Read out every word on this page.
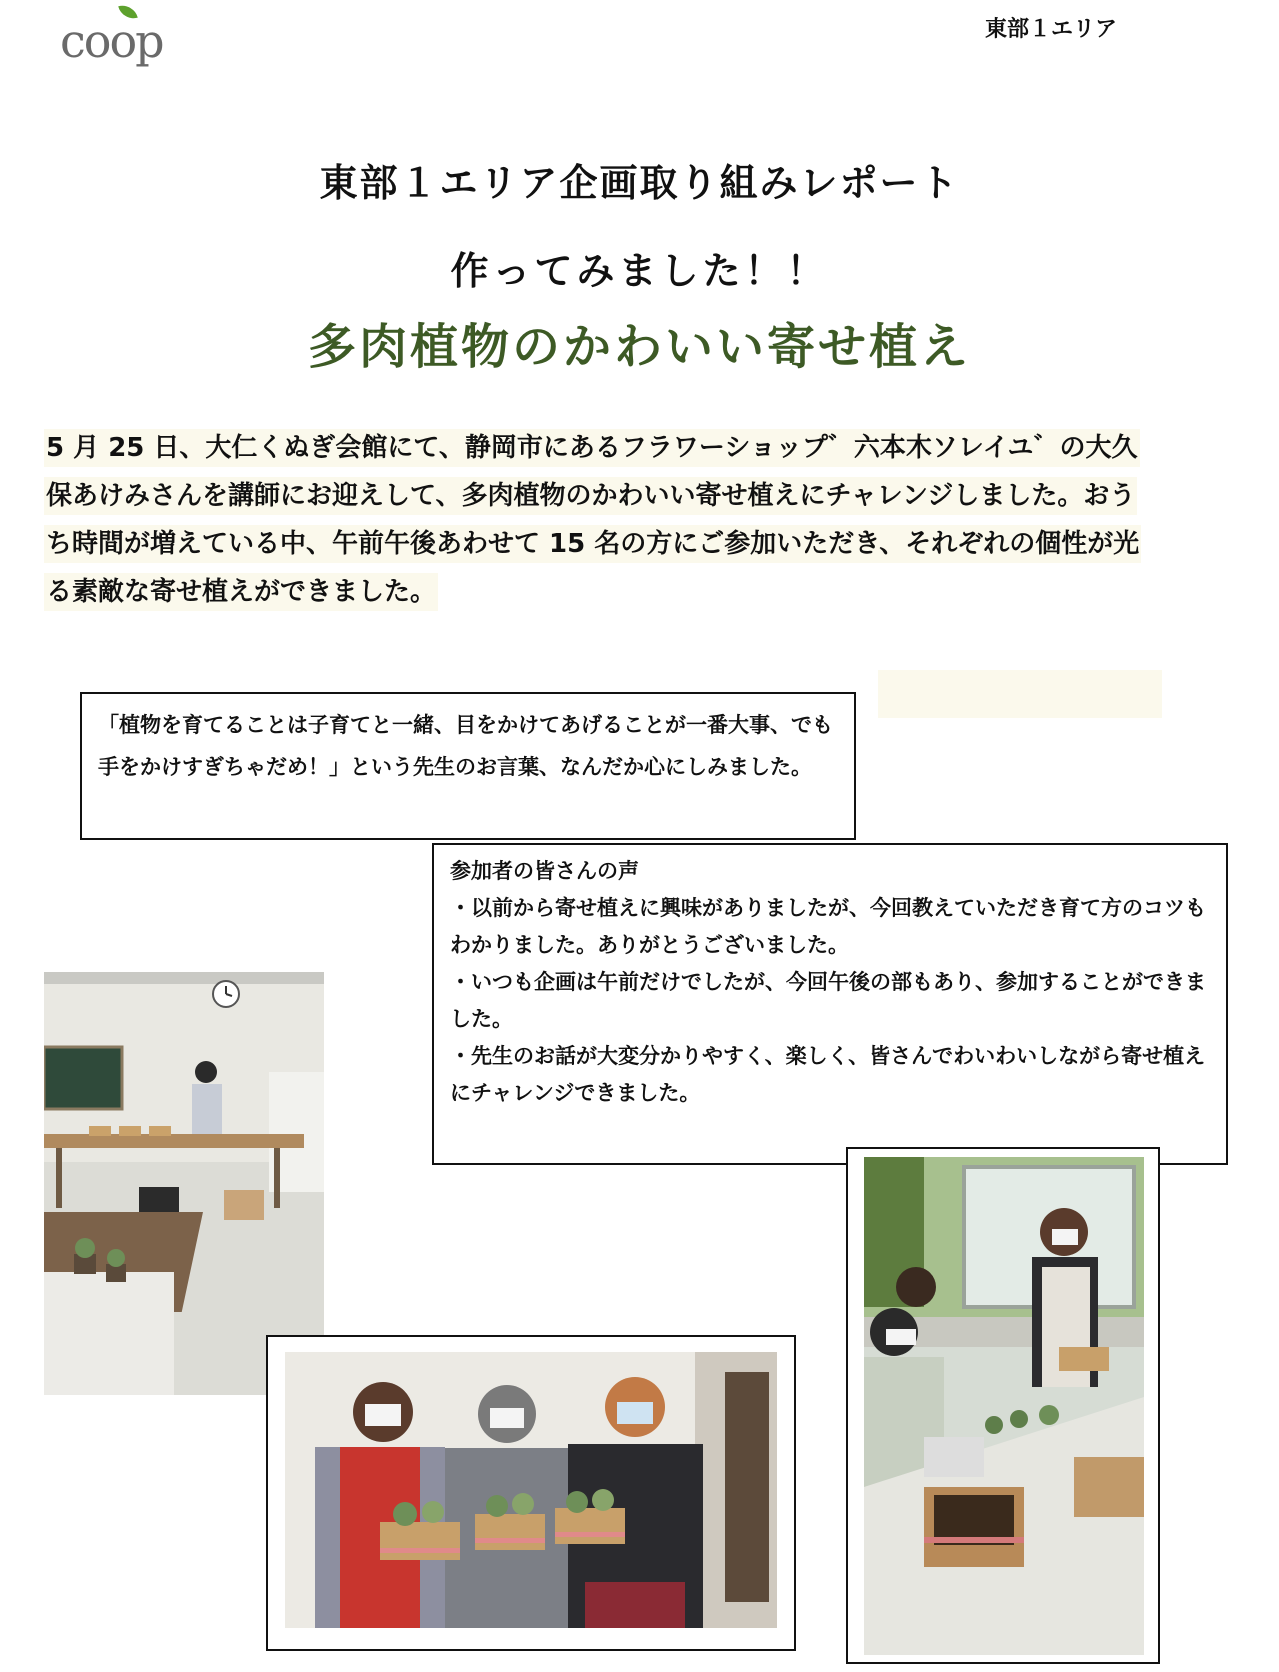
coop	東部１エリア
東部１エリア企画取り組みレポート
作ってみました！！
多肉植物のかわいい寄せ植え
5 月 25 日、大仁くぬぎ会館にて、静岡市にあるフラワーショップ゛六本木ソレイユ゛の大久保あけみさんを講師にお迎えして、多肉植物のかわいい寄せ植えにチャレンジしました。おうち時間が増えている中、午前午後あわせて 15 名の方にご参加いただき、それぞれの個性が光る素敵な寄せ植えができました。
「植物を育てることは子育てと一緒、目をかけてあげることが一番大事、でも手をかけすぎちゃだめ！」という先生のお言葉、なんだか心にしみました。
参加者の皆さんの声
・以前から寄せ植えに興味がありましたが、今回教えていただき育て方のコツもわかりました。ありがとうございました。
・いつも企画は午前だけでしたが、今回午後の部もあり、参加することができました。
・先生のお話が大変分かりやすく、楽しく、皆さんでわいわいしながら寄せ植えにチャレンジできました。
